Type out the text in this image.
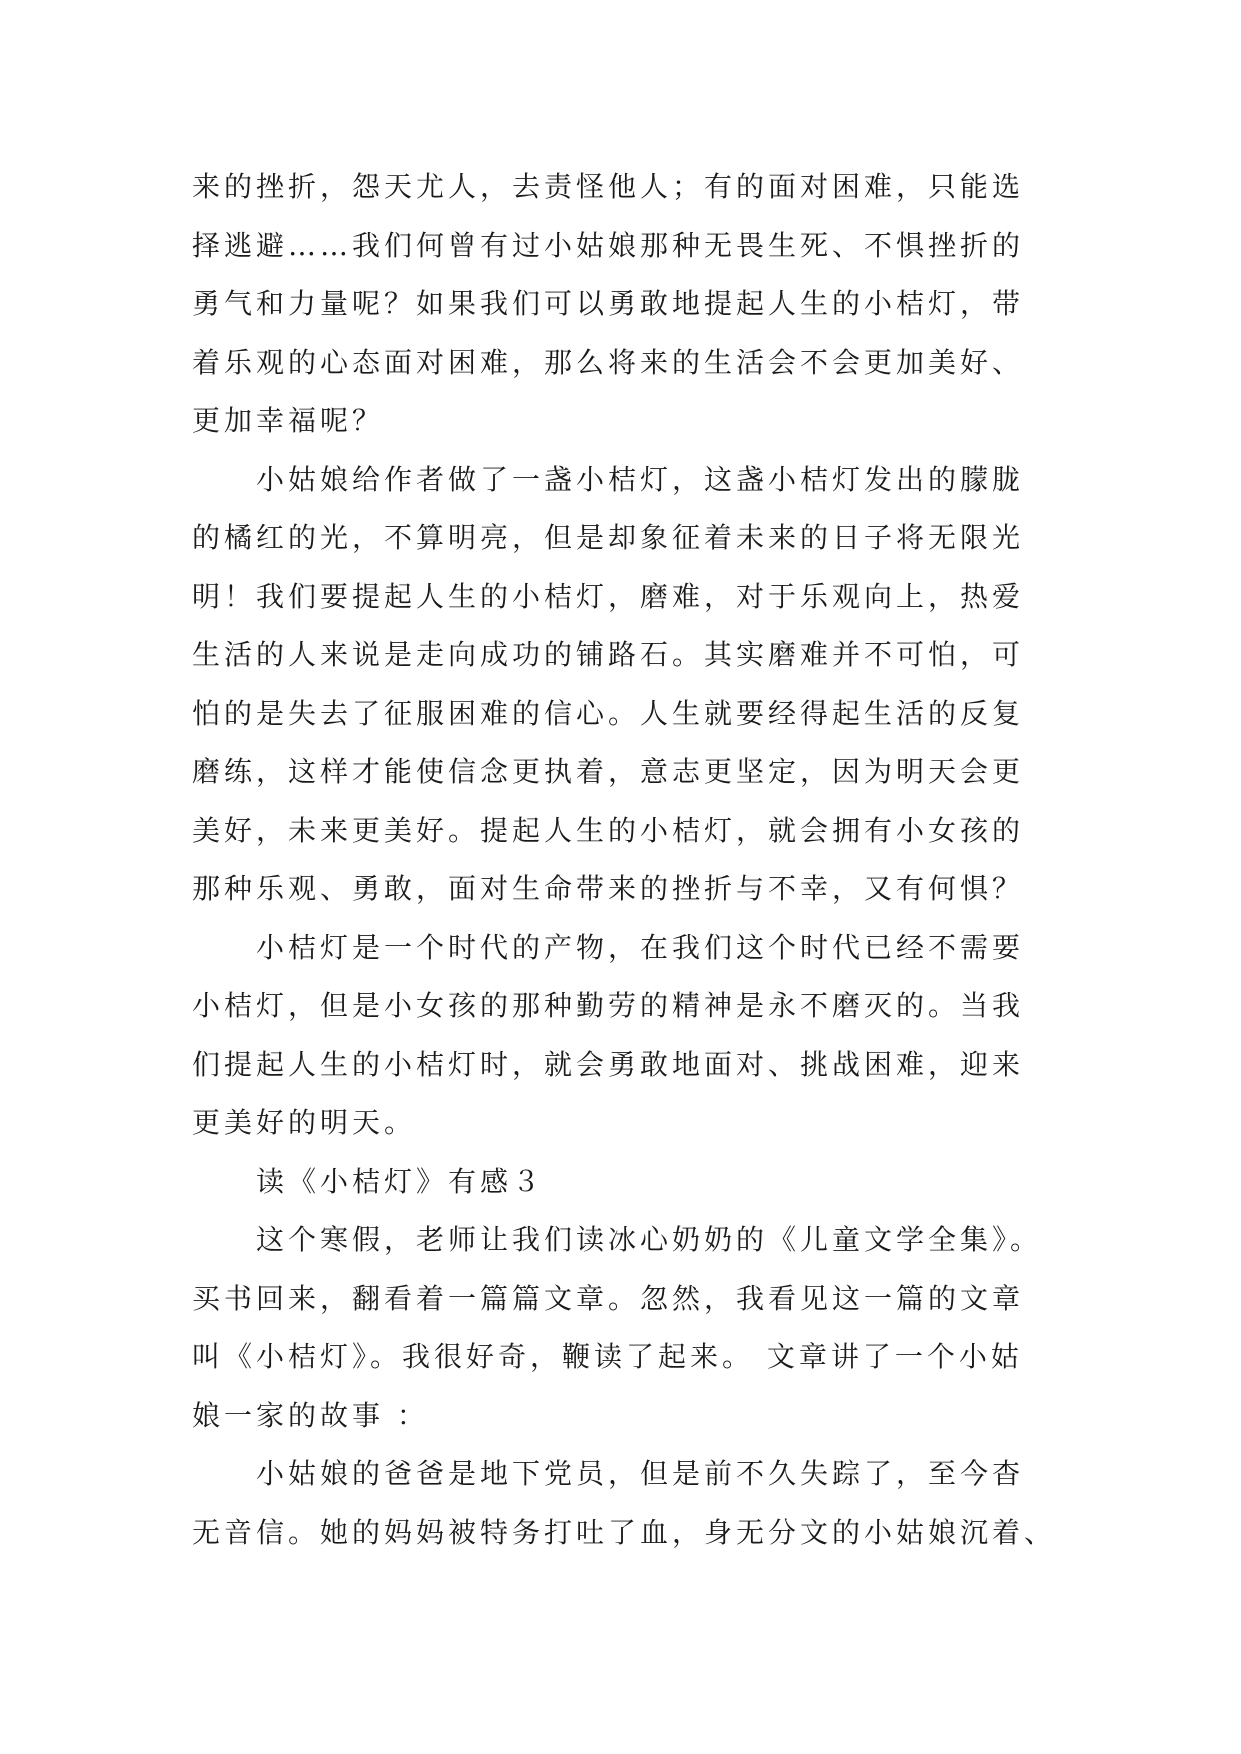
来的挫折，怨天尤人，去责怪他人；有的面对困难，只能选
择逃避……我们何曾有过小姑娘那种无畏生死、不惧挫折的
勇气和力量呢？如果我们可以勇敢地提起人生的小桔灯，带
着乐观的心态面对困难，那么将来的生活会不会更加美好、
更加幸福呢？
小姑娘给作者做了一盏小桔灯，这盏小桔灯发出的朦胧
的橘红的光，不算明亮，但是却象征着未来的日子将无限光
明！我们要提起人生的小桔灯，磨难，对于乐观向上，热爱
生活的人来说是走向成功的铺路石。其实磨难并不可怕，可
怕的是失去了征服困难的信心。人生就要经得起生活的反复
磨练，这样才能使信念更执着，意志更坚定，因为明天会更
美好，未来更美好。提起人生的小桔灯，就会拥有小女孩的
那种乐观、勇敢，面对生命带来的挫折与不幸，又有何惧？
小桔灯是一个时代的产物，在我们这个时代已经不需要
小桔灯，但是小女孩的那种勤劳的精神是永不磨灭的。当我
们提起人生的小桔灯时，就会勇敢地面对、挑战困难，迎来
更美好的明天。
读《小桔灯》有感３
这个寒假，老师让我们读冰心奶奶的《儿童文学全集》。
买书回来，翻看着一篇篇文章。忽然，我看见这一篇的文章
叫《小桔灯》。我很好奇，鞭读了起来。 文章讲了一个小姑
娘一家的故事 ：
小姑娘的爸爸是地下党员，但是前不久失踪了，至今杳
无音信。她的妈妈被特务打吐了血，身无分文的小姑娘沉着、
